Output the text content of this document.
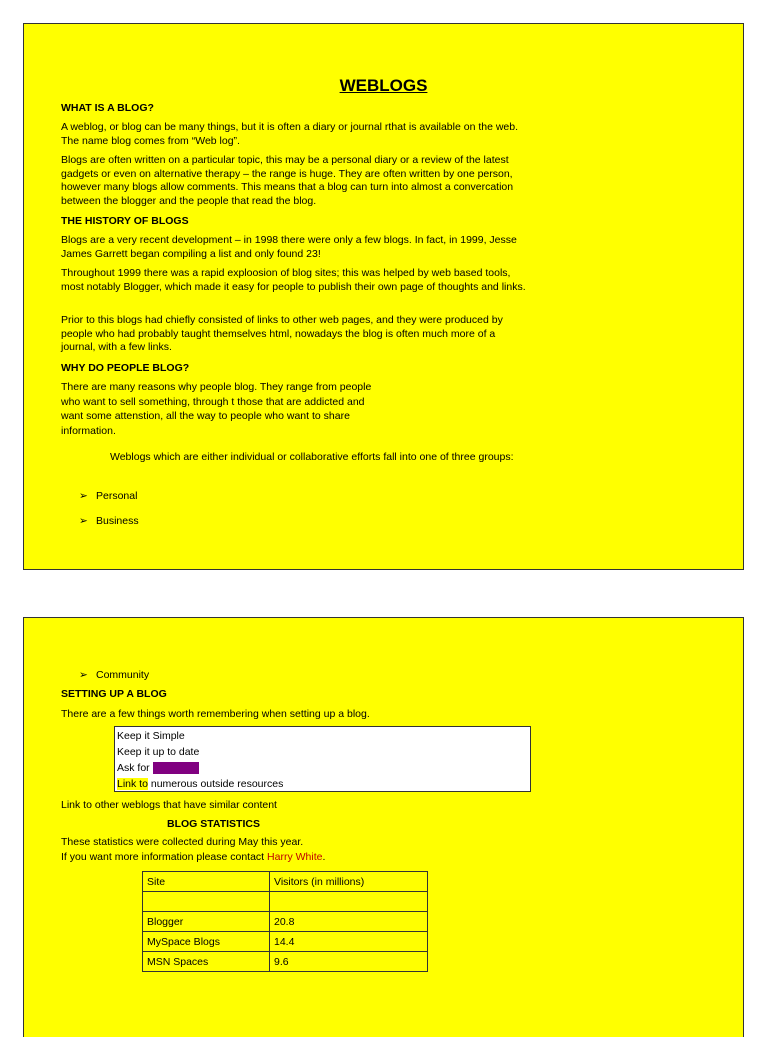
WEBLOGS
WHAT IS A BLOG?
A weblog, or blog can be many things, but it is often a diary or journal rthat is available on the web. The name blog comes from “Web log”.
Blogs are often written on a particular topic, this may be a personal diary or a review of the latest gadgets or even on alternative therapy – the range is huge. They are often written by one person, however many blogs allow comments. This means that a blog can turn into almost a convercation between the blogger and the people that read the blog.
THE HISTORY OF BLOGS
Blogs are a very recent development – in 1998 there were only a few blogs. In fact, in 1999, Jesse James Garrett began compiling a list and only found 23!
Throughout 1999 there was a rapid exploosion of blog sites; this was helped by web based tools, most notably Blogger, which made it easy for people to publish their own page of thoughts and links.
Prior to this blogs had chiefly consisted of links to other web pages, and they were produced by people who had probably taught themselves html, nowadays the blog is often much more of a journal, with a few links.
WHY DO PEOPLE BLOG?
There are many reasons why people blog. They range from people who want to sell something, through t those that are addicted and want some attenstion, all the way to people who want to share information.
Weblogs which are either individual or collaborative efforts fall into one of three groups:
➢ Personal
➢ Business
➢ Community
SETTING UP A BLOG
There are a few things worth remembering when setting up a blog.
Keep it Simple
Keep it up to date
Ask for Feedback
Link to numerous outside resources
Link to other weblogs that have similar content
BLOG STATISTICS
These statistics were collected during May this year.
If you want more information please contact Harry White.
Site	Visitors (in millions)

Blogger	20.8
MySpace Blogs	14.4
MSN Spaces	9.6
